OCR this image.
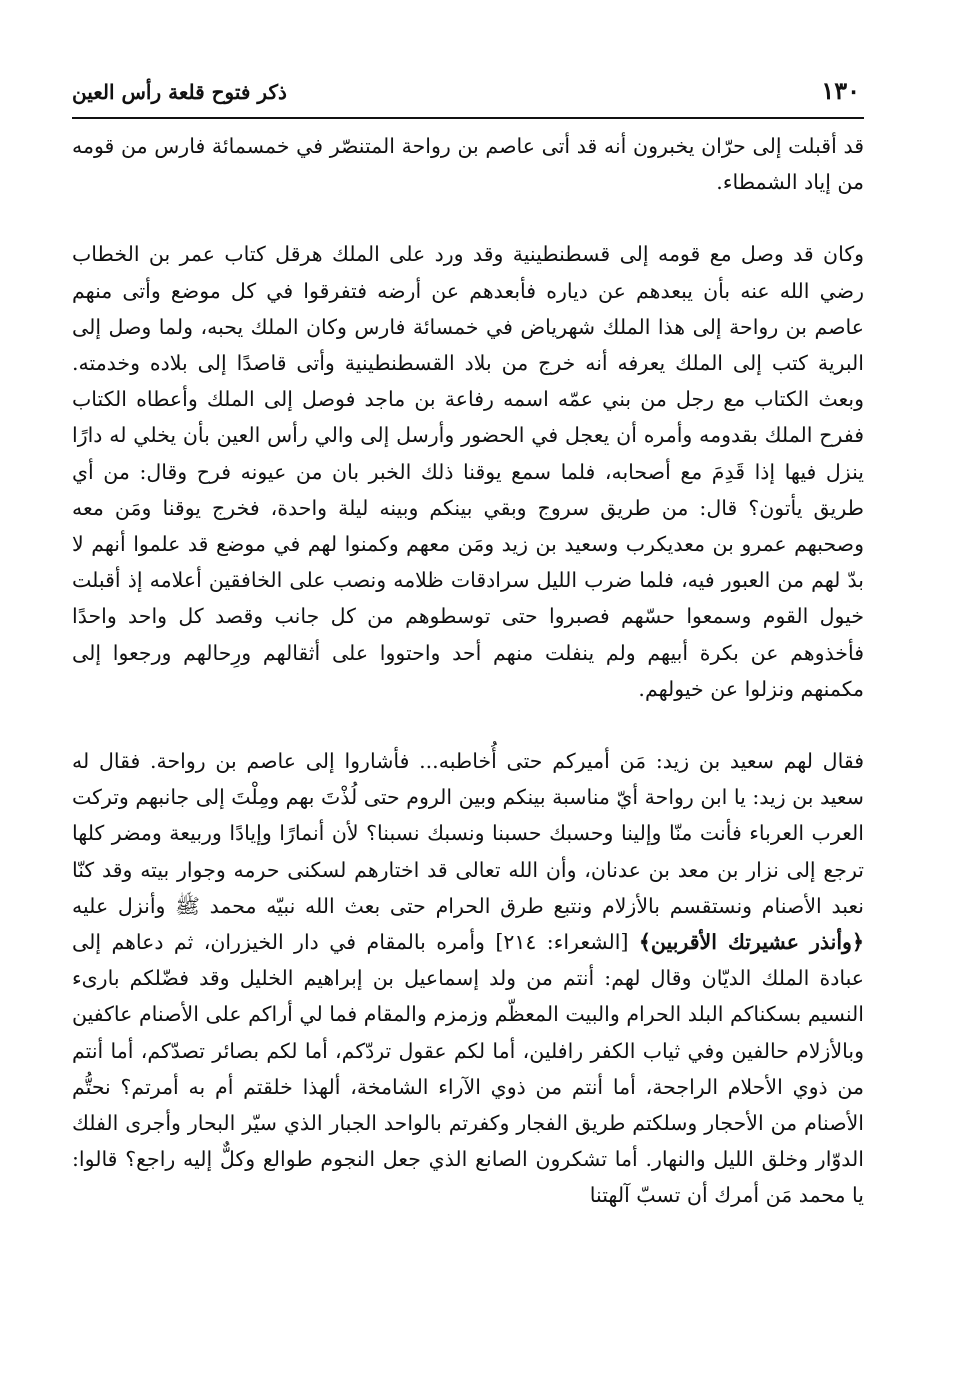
١٣٠
ذكر فتوح قلعة رأس العين

قد أقبلت إلى حرّان يخبرون أنه قد أتى عاصم بن رواحة المتنصّر في خمسمائة فارس من قومه من إياد الشمطاء.

وكان قد وصل مع قومه إلى قسطنطينية وقد ورد على الملك هرقل كتاب عمر بن الخطاب رضي الله عنه بأن يبعدهم عن دياره فأبعدهم عن أرضه فتفرقوا في كل موضع وأتى منهم عاصم بن رواحة إلى هذا الملك شهرياض في خمسائة فارس وكان الملك يحبه، ولما وصل إلى البرية كتب إلى الملك يعرفه أنه خرج من بلاد القسطنطينية وأتى قاصدًا إلى بلاده وخدمته. وبعث الكتاب مع رجل من بني عمّه اسمه رفاعة بن ماجد فوصل إلى الملك وأعطاه الكتاب ففرح الملك بقدومه وأمره أن يعجل في الحضور وأرسل إلى والي رأس العين بأن يخلي له دارًا ينزل فيها إذا قَدِمَ مع أصحابه، فلما سمع يوقنا ذلك الخبر بان من عيونه فرح وقال: من أي طريق يأتون؟ قال: من طريق سروج وبقي بينكم وبينه ليلة واحدة، فخرج يوقنا ومَن معه وصحبهم عمرو بن معديكرب وسعيد بن زيد ومَن معهم وكمنوا لهم في موضع قد علموا أنهم لا بدّ لهم من العبور فيه، فلما ضرب الليل سرادقات ظلامه ونصب على الخافقين أعلامه إذ أقبلت خيول القوم وسمعوا حسّهم فصبروا حتى توسطوهم من كل جانب وقصد كل واحد واحدًا فأخذوهم عن بكرة أبيهم ولم ينفلت منهم أحد واحتووا على أثقالهم ورِحالهم ورجعوا إلى مكمنهم ونزلوا عن خيولهم.

فقال لهم سعيد بن زيد: مَن أميركم حتى أُخاطبه... فأشاروا إلى عاصم بن رواحة. فقال له سعيد بن زيد: يا ابن رواحة أيّ مناسبة بينكم وبين الروم حتى لُذْتَ بهم ومِلْتَ إلى جانبهم وتركت العرب العرباء فأنت منّا وإلينا وحسبك حسبنا ونسبك نسبنا؟ لأن أنمارًا وإيادًا وربيعة ومضر كلها ترجع إلى نزار بن معد بن عدنان، وأن الله تعالى قد اختارهم لسكنى حرمه وجوار بيته وقد كنّا نعبد الأصنام ونستقسم بالأزلام ونتبع طرق الحرام حتى بعث الله نبيّه محمد ﷺ وأنزل عليه ﴿وأنذر عشيرتك الأقربين﴾ [الشعراء: ٢١٤] وأمره بالمقام في دار الخيزران، ثم دعاهم إلى عبادة الملك الديّان وقال لهم: أنتم من ولد إسماعيل بن إبراهيم الخليل وقد فضّلكم بارىء النسيم بسكناكم البلد الحرام والبيت المعظّم وزمزم والمقام فما لي أراكم على الأصنام عاكفين وبالأزلام حالفين وفي ثياب الكفر رافلين، أما لكم عقول تردّكم، أما لكم بصائر تصدّكم، أما أنتم من ذوي الأحلام الراجحة، أما أنتم من ذوي الآراء الشامخة، ألهذا خلقتم أم به أمرتم؟ نحتُّم الأصنام من الأحجار وسلكتم طريق الفجار وكفرتم بالواحد الجبار الذي سيّر البحار وأجرى الفلك الدوّار وخلق الليل والنهار. أما تشكرون الصانع الذي جعل النجوم طوالع وكلٌّ إليه راجع؟ قالوا: يا محمد مَن أمرك أن تسبّ آلهتنا
